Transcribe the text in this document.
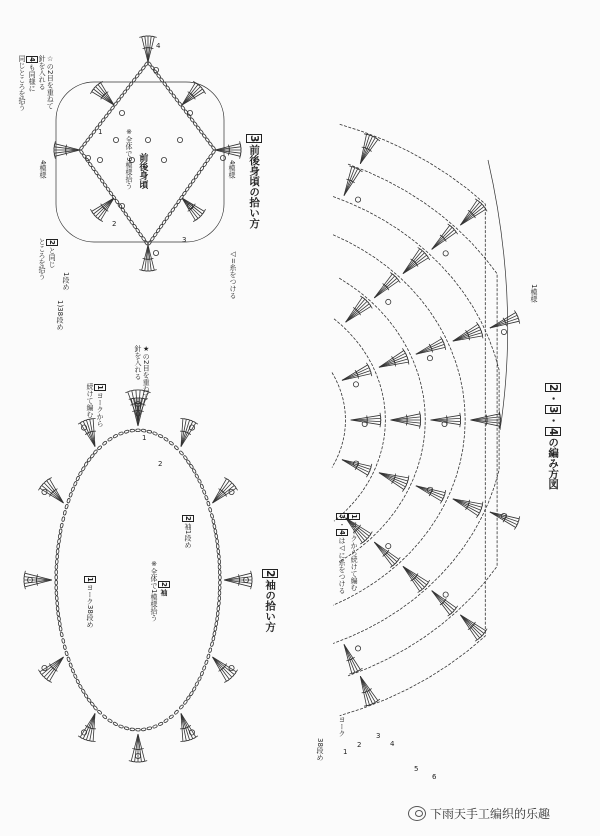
3前後身頃の拾い方
前後身頃
※全体で9模様拾う
4模様	4模様
◁=糸をつける
☆の2目を重ねて
針を入れる
4も同様に
同じところを拾う
2と同じ
ところを拾う
1段め
1)38段め
2袖の拾い方
★の2目を重ねて
針を入れる
1ヨークから
続けて編む
2袖
※全体で1模様拾う
2袖1段め
1ヨーク38段め
2・3・4の編み方図
1模様
1ヨークから続けて編む
3・4は◁に糸をつける
ヨーク
38段め
4
3
2
1
2
1
6
5
4
3
2
1
下雨天手工编织的乐趣
